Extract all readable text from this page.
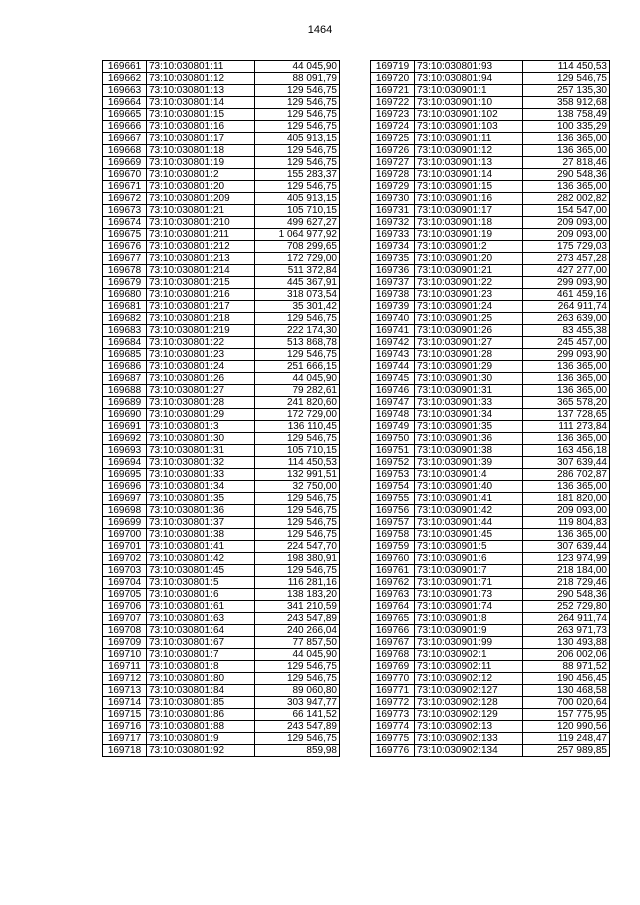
1464
169661	73:10:030801:11	44 045,90
169662	73:10:030801:12	88 091,79
169663	73:10:030801:13	129 546,75
169664	73:10:030801:14	129 546,75
169665	73:10:030801:15	129 546,75
169666	73:10:030801:16	129 546,75
169667	73:10:030801:17	405 913,15
169668	73:10:030801:18	129 546,75
169669	73:10:030801:19	129 546,75
169670	73:10:030801:2	155 283,37
169671	73:10:030801:20	129 546,75
169672	73:10:030801:209	405 913,15
169673	73:10:030801:21	105 710,15
169674	73:10:030801:210	499 627,27
169675	73:10:030801:211	1 064 977,92
169676	73:10:030801:212	708 299,65
169677	73:10:030801:213	172 729,00
169678	73:10:030801:214	511 372,84
169679	73:10:030801:215	445 367,91
169680	73:10:030801:216	318 073,54
169681	73:10:030801:217	35 301,42
169682	73:10:030801:218	129 546,75
169683	73:10:030801:219	222 174,30
169684	73:10:030801:22	513 868,78
169685	73:10:030801:23	129 546,75
169686	73:10:030801:24	251 666,15
169687	73:10:030801:26	44 045,90
169688	73:10:030801:27	79 282,61
169689	73:10:030801:28	241 820,60
169690	73:10:030801:29	172 729,00
169691	73:10:030801:3	136 110,45
169692	73:10:030801:30	129 546,75
169693	73:10:030801:31	105 710,15
169694	73:10:030801:32	114 450,53
169695	73:10:030801:33	132 991,51
169696	73:10:030801:34	32 750,00
169697	73:10:030801:35	129 546,75
169698	73:10:030801:36	129 546,75
169699	73:10:030801:37	129 546,75
169700	73:10:030801:38	129 546,75
169701	73:10:030801:41	224 547,70
169702	73:10:030801:42	198 380,91
169703	73:10:030801:45	129 546,75
169704	73:10:030801:5	116 281,16
169705	73:10:030801:6	138 183,20
169706	73:10:030801:61	341 210,59
169707	73:10:030801:63	243 547,89
169708	73:10:030801:64	240 266,04
169709	73:10:030801:67	77 857,50
169710	73:10:030801:7	44 045,90
169711	73:10:030801:8	129 546,75
169712	73:10:030801:80	129 546,75
169713	73:10:030801:84	89 060,80
169714	73:10:030801:85	303 947,77
169715	73:10:030801:86	66 141,52
169716	73:10:030801:88	243 547,89
169717	73:10:030801:9	129 546,75
169718	73:10:030801:92	859,98
169719	73:10:030801:93	114 450,53
169720	73:10:030801:94	129 546,75
169721	73:10:030901:1	257 135,30
169722	73:10:030901:10	358 912,68
169723	73:10:030901:102	138 758,49
169724	73:10:030901:103	100 335,29
169725	73:10:030901:11	136 365,00
169726	73:10:030901:12	136 365,00
169727	73:10:030901:13	27 818,46
169728	73:10:030901:14	290 548,36
169729	73:10:030901:15	136 365,00
169730	73:10:030901:16	282 002,82
169731	73:10:030901:17	154 547,00
169732	73:10:030901:18	209 093,00
169733	73:10:030901:19	209 093,00
169734	73:10:030901:2	175 729,03
169735	73:10:030901:20	273 457,28
169736	73:10:030901:21	427 277,00
169737	73:10:030901:22	299 093,90
169738	73:10:030901:23	461 459,16
169739	73:10:030901:24	264 911,74
169740	73:10:030901:25	263 639,00
169741	73:10:030901:26	83 455,38
169742	73:10:030901:27	245 457,00
169743	73:10:030901:28	299 093,90
169744	73:10:030901:29	136 365,00
169745	73:10:030901:30	136 365,00
169746	73:10:030901:31	136 365,00
169747	73:10:030901:33	365 578,20
169748	73:10:030901:34	137 728,65
169749	73:10:030901:35	111 273,84
169750	73:10:030901:36	136 365,00
169751	73:10:030901:38	163 456,18
169752	73:10:030901:39	307 639,44
169753	73:10:030901:4	286 702,87
169754	73:10:030901:40	136 365,00
169755	73:10:030901:41	181 820,00
169756	73:10:030901:42	209 093,00
169757	73:10:030901:44	119 804,83
169758	73:10:030901:45	136 365,00
169759	73:10:030901:5	307 639,44
169760	73:10:030901:6	123 974,99
169761	73:10:030901:7	218 184,00
169762	73:10:030901:71	218 729,46
169763	73:10:030901:73	290 548,36
169764	73:10:030901:74	252 729,80
169765	73:10:030901:8	264 911,74
169766	73:10:030901:9	263 971,73
169767	73:10:030901:99	130 493,88
169768	73:10:030902:1	206 002,06
169769	73:10:030902:11	88 971,52
169770	73:10:030902:12	190 456,45
169771	73:10:030902:127	130 468,58
169772	73:10:030902:128	700 020,64
169773	73:10:030902:129	157 775,95
169774	73:10:030902:13	120 990,56
169775	73:10:030902:133	119 248,47
169776	73:10:030902:134	257 989,85
